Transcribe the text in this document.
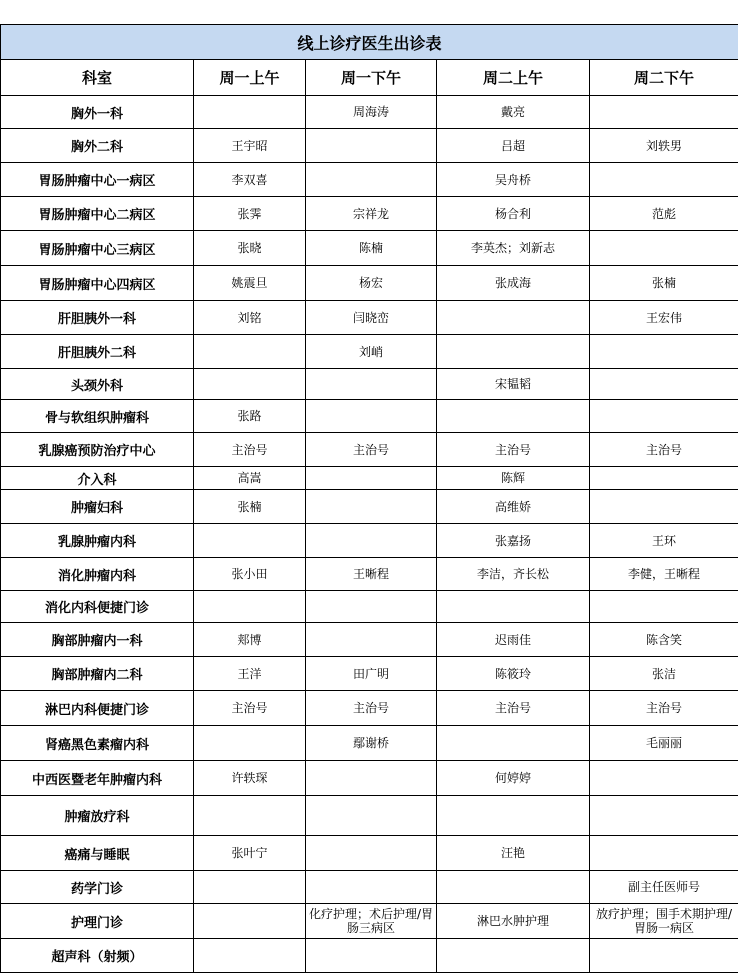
线上诊疗医生出诊表				
科室	周一上午	周一下午	周二上午	周二下午
胸外一科		周海涛	戴亮	
胸外二科	王宇昭		吕超	刘轶男
胃肠肿瘤中心一病区	李双喜		吴舟桥	
胃肠肿瘤中心二病区	张霁	宗祥龙	杨合利	范彪
胃肠肿瘤中心三病区	张晓	陈楠	李英杰；刘新志	
胃肠肿瘤中心四病区	姚震旦	杨宏	张成海	张楠
肝胆胰外一科	刘铭	闫晓峦		王宏伟
肝胆胰外二科		刘峭		
头颈外科			宋韫韬	
骨与软组织肿瘤科	张路			
乳腺癌预防治疗中心	主治号	主治号	主治号	主治号
介入科	高嵩		陈辉	
肿瘤妇科	张楠		高维娇	
乳腺肿瘤内科			张嘉扬	王环
消化肿瘤内科	张小田	王晰程	李洁，齐长松	李健，王晰程
消化内科便捷门诊				
胸部肿瘤内一科	郏博		迟雨佳	陈含笑
胸部肿瘤内二科	王洋	田广明	陈筱玲	张洁
淋巴内科便捷门诊	主治号	主治号	主治号	主治号
肾癌黑色素瘤内科		鄢谢桥		毛丽丽
中西医暨老年肿瘤内科	许轶琛		何婷婷	
肿瘤放疗科				
癌痛与睡眠	张叶宁		汪艳	
药学门诊				副主任医师号
护理门诊		化疗护理；术后护理/胃肠三病区	淋巴水肿护理	放疗护理；围手术期护理/胃肠一病区
超声科（射频）				
